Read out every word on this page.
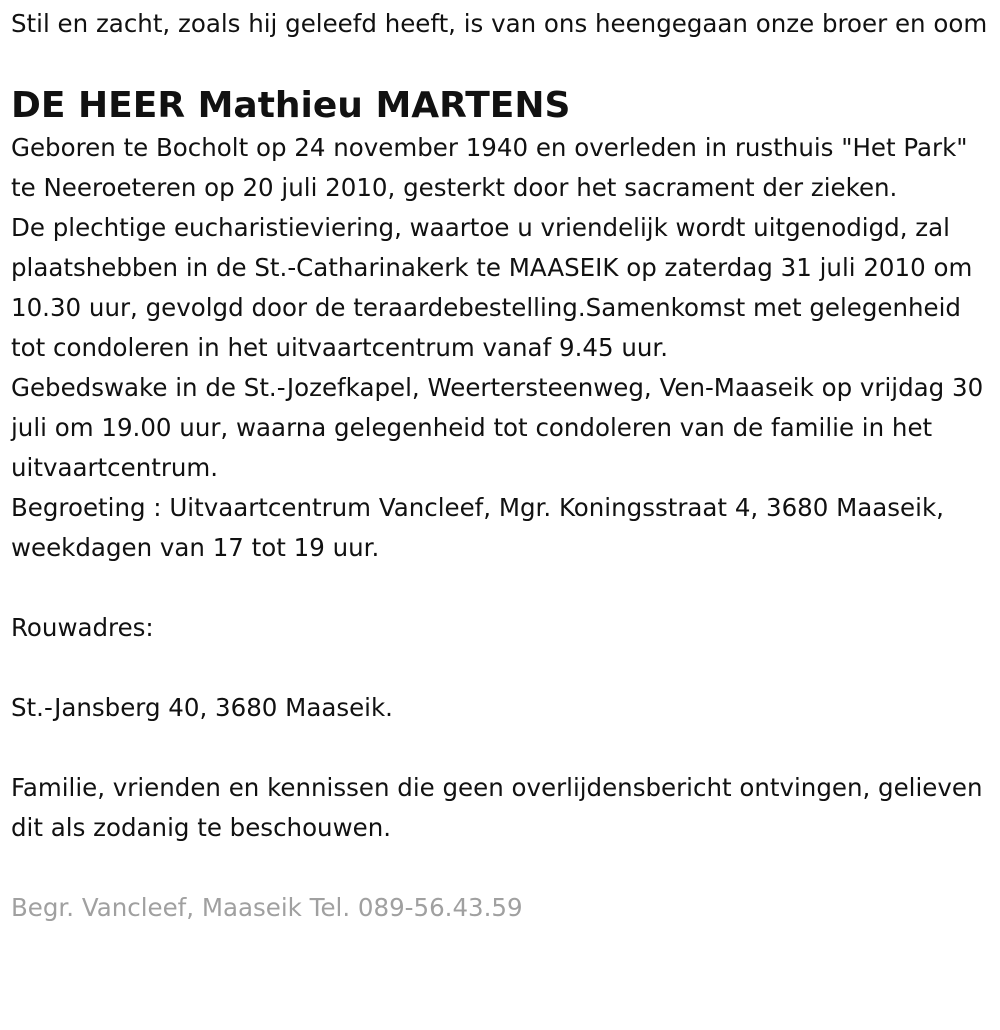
Stil en zacht, zoals hij geleefd heeft, is van ons heengegaan onze broer en oom

DE HEER Mathieu MARTENS

Geboren te Bocholt op 24 november 1940 en overleden in rusthuis "Het Park" te Neeroeteren op 20 juli 2010, gesterkt door het sacrament der zieken.

De plechtige eucharistieviering, waartoe u vriendelijk wordt uitgenodigd, zal plaatshebben in de St.-Catharinakerk te MAASEIK op zaterdag 31 juli 2010 om 10.30 uur, gevolgd door de teraardebestelling.Samenkomst met gelegenheid tot condoleren in het uitvaartcentrum vanaf 9.45 uur.

Gebedswake in de St.-Jozefkapel, Weertersteenweg, Ven-Maaseik op vrijdag 30 juli om 19.00 uur, waarna gelegenheid tot condoleren van de familie in het uitvaartcentrum.

Begroeting : Uitvaartcentrum Vancleef, Mgr. Koningsstraat 4, 3680 Maaseik, weekdagen van 17 tot 19 uur.

Rouwadres:

St.-Jansberg 40, 3680 Maaseik.

Familie, vrienden en kennissen die geen overlijdensbericht ontvingen, gelieven dit als zodanig te beschouwen.

Begr. Vancleef, Maaseik Tel. 089-56.43.59
